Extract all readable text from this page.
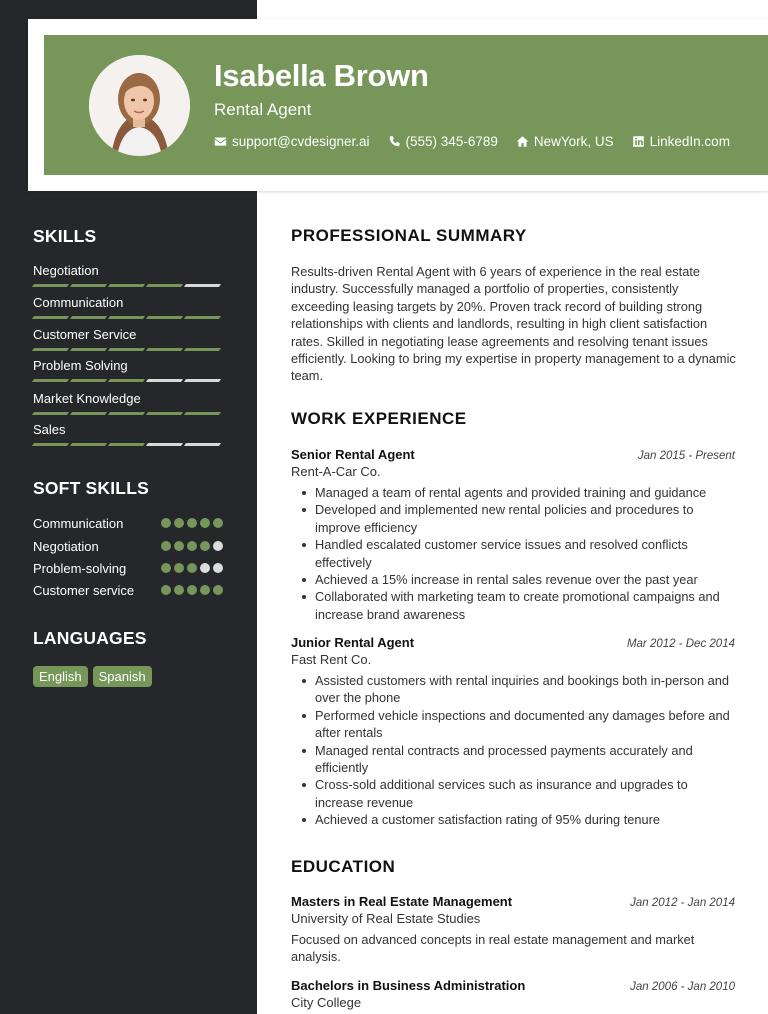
Isabella Brown
Rental Agent
support@cvdesigner.ai	(555) 345-6789	NewYork, US	LinkedIn.com
SKILLS
Negotiation
Communication
Customer Service
Problem Solving
Market Knowledge
Sales
SOFT SKILLS
Communication
Negotiation
Problem-solving
Customer service
LANGUAGES
English	Spanish
PROFESSIONAL SUMMARY
Results-driven Rental Agent with 6 years of experience in the real estate industry. Successfully managed a portfolio of properties, consistently exceeding leasing targets by 20%. Proven track record of building strong relationships with clients and landlords, resulting in high client satisfaction rates. Skilled in negotiating lease agreements and resolving tenant issues efficiently. Looking to bring my expertise in property management to a dynamic team.
WORK EXPERIENCE
Senior Rental Agent	Jan 2015 - Present
Rent-A-Car Co.
Managed a team of rental agents and provided training and guidance
Developed and implemented new rental policies and procedures to improve efficiency
Handled escalated customer service issues and resolved conflicts effectively
Achieved a 15% increase in rental sales revenue over the past year
Collaborated with marketing team to create promotional campaigns and increase brand awareness
Junior Rental Agent	Mar 2012 - Dec 2014
Fast Rent Co.
Assisted customers with rental inquiries and bookings both in-person and over the phone
Performed vehicle inspections and documented any damages before and after rentals
Managed rental contracts and processed payments accurately and efficiently
Cross-sold additional services such as insurance and upgrades to increase revenue
Achieved a customer satisfaction rating of 95% during tenure
EDUCATION
Masters in Real Estate Management	Jan 2012 - Jan 2014
University of Real Estate Studies
Focused on advanced concepts in real estate management and market analysis.
Bachelors in Business Administration	Jan 2006 - Jan 2010
City College
